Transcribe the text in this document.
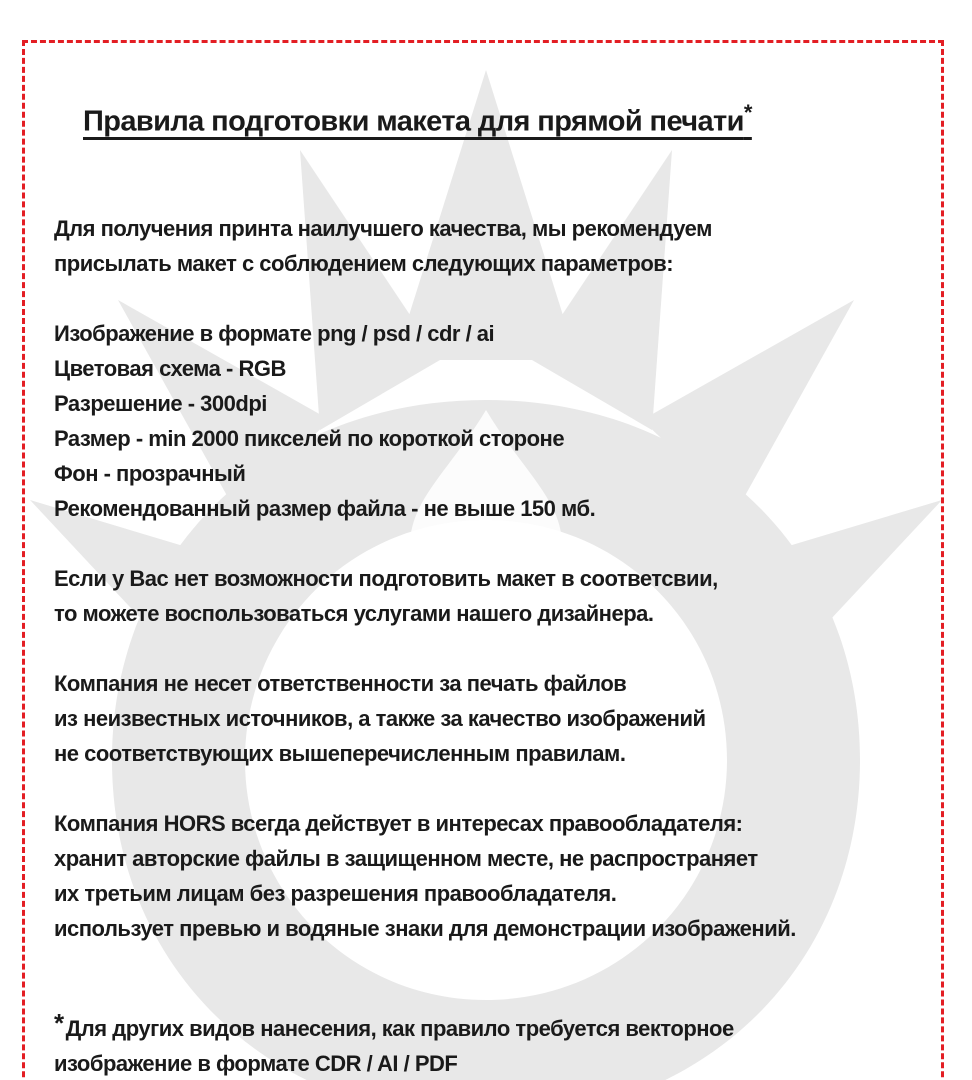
Правила подготовки макета для прямой печати*

Для получения принта наилучшего качества, мы рекомендуем
присылать макет с соблюдением следующих параметров:

Изображение в формате png / psd / cdr / ai
Цветовая схема - RGB
Разрешение - 300dpi
Размер - min 2000 пикселей по короткой стороне
Фон - прозрачный
Рекомендованный размер файла - не выше 150 мб.

Если у Вас нет возможности подготовить макет в соответсвии,
то можете воспользоваться услугами нашего дизайнера.

Компания не несет ответственности за печать файлов
из неизвестных источников, а также за качество изображений
не соответствующих вышеперечисленным правилам.

Компания HORS всегда действует в интересах правообладателя:
хранит авторские файлы в защищенном месте, не распространяет
их третьим лицам без разрешения правообладателя.
использует превью и водяные знаки для демонстрации изображений.

*Для других видов нанесения, как правило требуется векторное
изображение в формате CDR / AI / PDF
